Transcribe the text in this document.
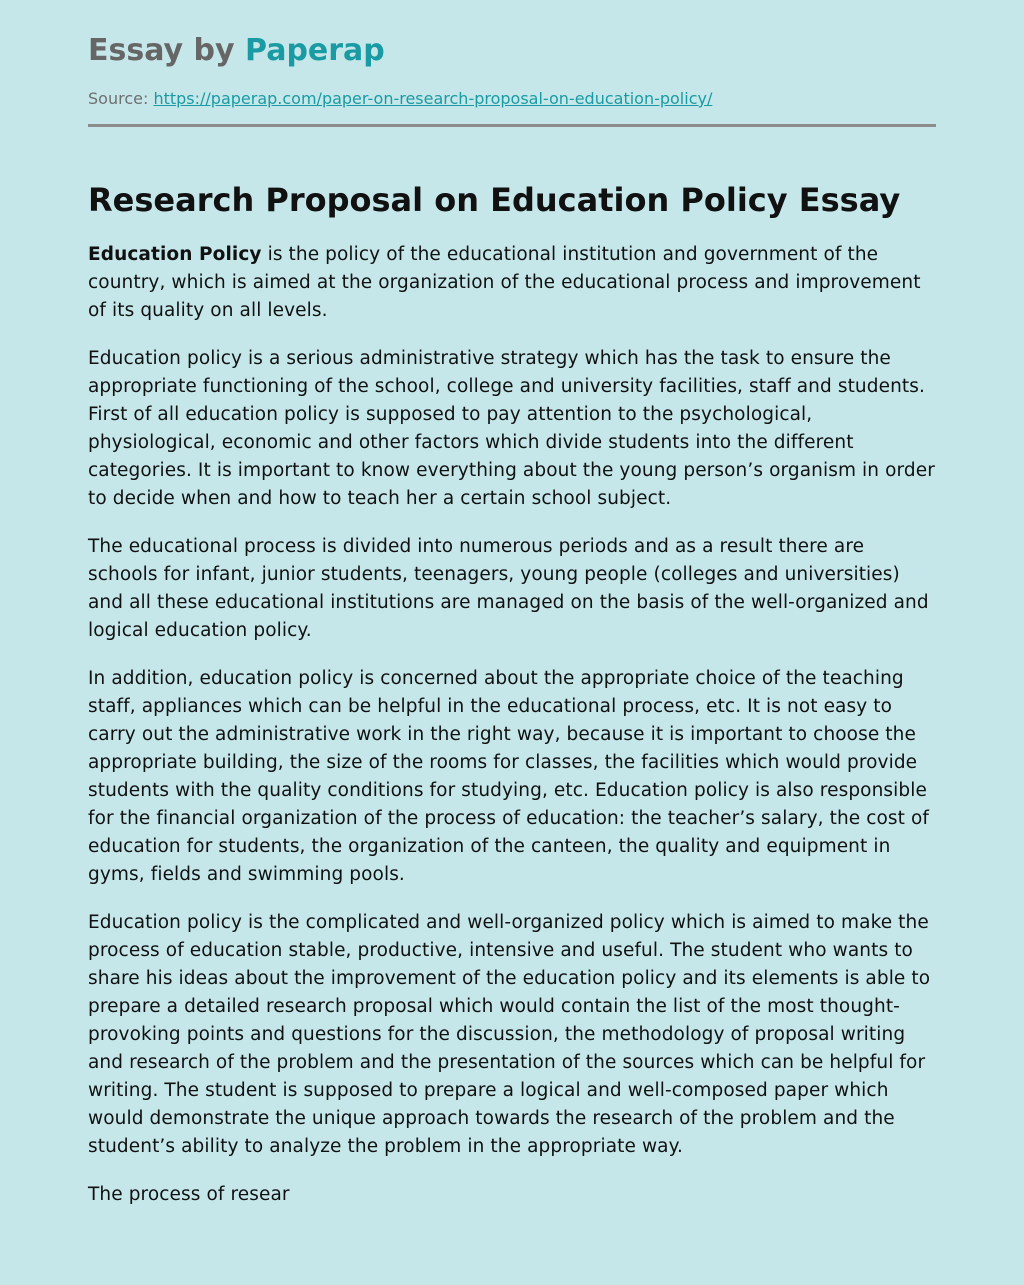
Essay by Paperap
Source: https://paperap.com/paper-on-research-proposal-on-education-policy/
Research Proposal on Education Policy Essay

Education Policy is the policy of the educational institution and government of the country, which is aimed at the organization of the educational process and improvement of its quality on all levels.

Education policy is a serious administrative strategy which has the task to ensure the appropriate functioning of the school, college and university facilities, staff and students. First of all education policy is supposed to pay attention to the psychological, physiological, economic and other factors which divide students into the different categories. It is important to know everything about the young person’s organism in order to decide when and how to teach her a certain school subject.

The educational process is divided into numerous periods and as a result there are schools for infant, junior students, teenagers, young people (colleges and universities) and all these educational institutions are managed on the basis of the well-organized and logical education policy.

In addition, education policy is concerned about the appropriate choice of the teaching staff, appliances which can be helpful in the educational process, etc. It is not easy to carry out the administrative work in the right way, because it is important to choose the appropriate building, the size of the rooms for classes, the facilities which would provide students with the quality conditions for studying, etc. Education policy is also responsible for the financial organization of the process of education: the teacher’s salary, the cost of education for students, the organization of the canteen, the quality and equipment in gyms, fields and swimming pools.

Education policy is the complicated and well-organized policy which is aimed to make the process of education stable, productive, intensive and useful. The student who wants to share his ideas about the improvement of the education policy and its elements is able to prepare a detailed research proposal which would contain the list of the most thought-provoking points and questions for the discussion, the methodology of proposal writing and research of the problem and the presentation of the sources which can be helpful for writing. The student is supposed to prepare a logical and well-composed paper which would demonstrate the unique approach towards the research of the problem and the student’s ability to analyze the problem in the appropriate way.

The process of resear
